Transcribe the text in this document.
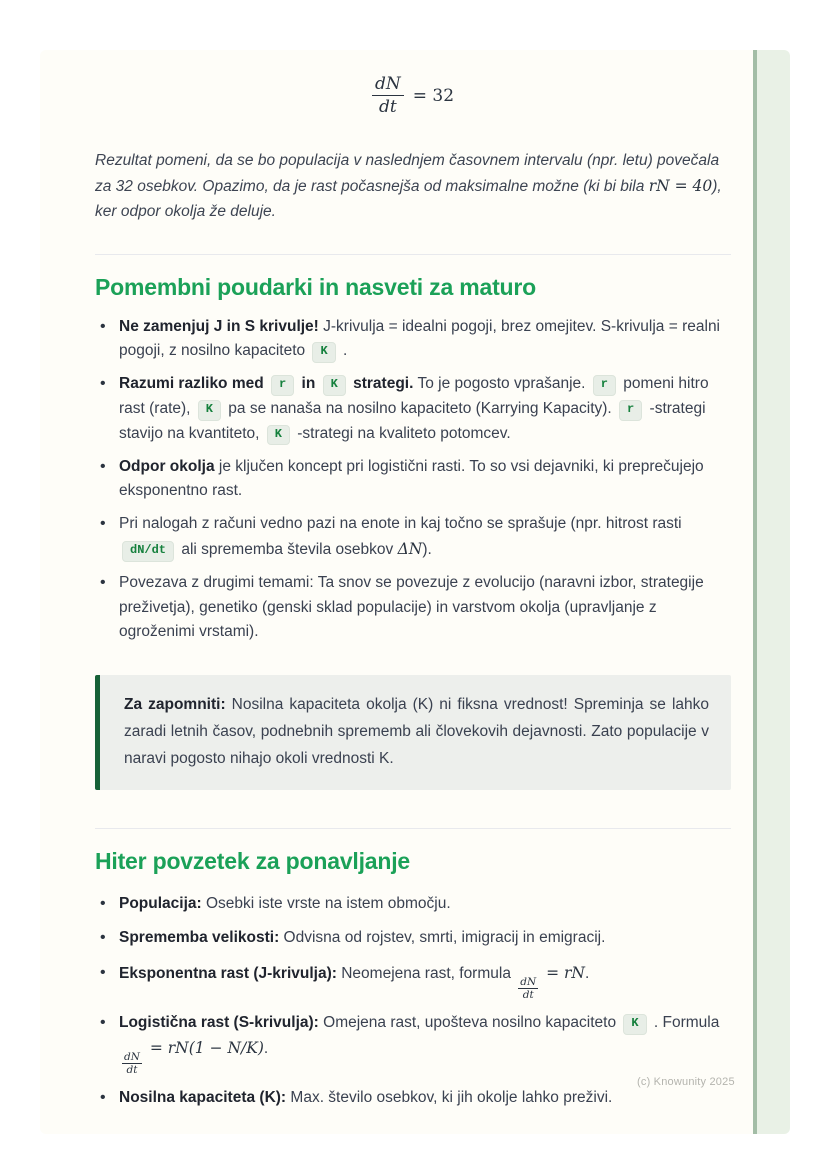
$\frac{dN}{dt} = 32$

Rezultat pomeni, da se bo populacija v naslednjem časovnem intervalu (npr. letu) povečala za 32 osebkov. Opazimo, da je rast počasnejša od maksimalne možne (ki bi bila rN = 40), ker odpor okolja že deluje.

Pomembni poudarki in nasveti za maturo
• Ne zamenjuj J in S krivulje! J-krivulja = idealni pogoji, brez omejitev. S-krivulja = realni pogoji, z nosilno kapaciteto K .
• Razumi razliko med r in K strategi. To je pogosto vprašanje. r pomeni hitro rast (rate), K pa se nanaša na nosilno kapaciteto (Karrying Kapacity). r -strategi stavijo na kvantiteto, K -strategi na kvaliteto potomcev.
• Odpor okolja je ključen koncept pri logistični rasti. To so vsi dejavniki, ki preprečujejo eksponentno rast.
• Pri nalogah z računi vedno pazi na enote in kaj točno se sprašuje (npr. hitrost rasti dN/dt ali sprememba števila osebkov ΔN).
• Povezava z drugimi temami: Ta snov se povezuje z evolucijo (naravni izbor, strategije preživetja), genetiko (genski sklad populacije) in varstvom okolja (upravljanje z ogroženimi vrstami).
Za zapomniti: Nosilna kapaciteta okolja (K) ni fiksna vrednost! Spreminja se lahko zaradi letnih časov, podnebnih sprememb ali človekovih dejavnosti. Zato populacije v naravi pogosto nihajo okoli vrednosti K.
Hiter povzetek za ponavljanje
• Populacija: Osebki iste vrste na istem območju.
• Sprememba velikosti: Odvisna od rojstev, smrti, imigracij in emigracij.
• Eksponentna rast (J-krivulja): Neomejena rast, formula
$\frac{dN}{dt}$
= rN.
• Logistična rast (S-krivulja): Omejena rast, upošteva nosilno kapaciteto K . Formula
$\frac{dN}{dt}$
= rN(1 − N/K).
• Nosilna kapaciteta (K): Max. število osebkov, ki jih okolje lahko preživi.
(c) Knowunity 2025
